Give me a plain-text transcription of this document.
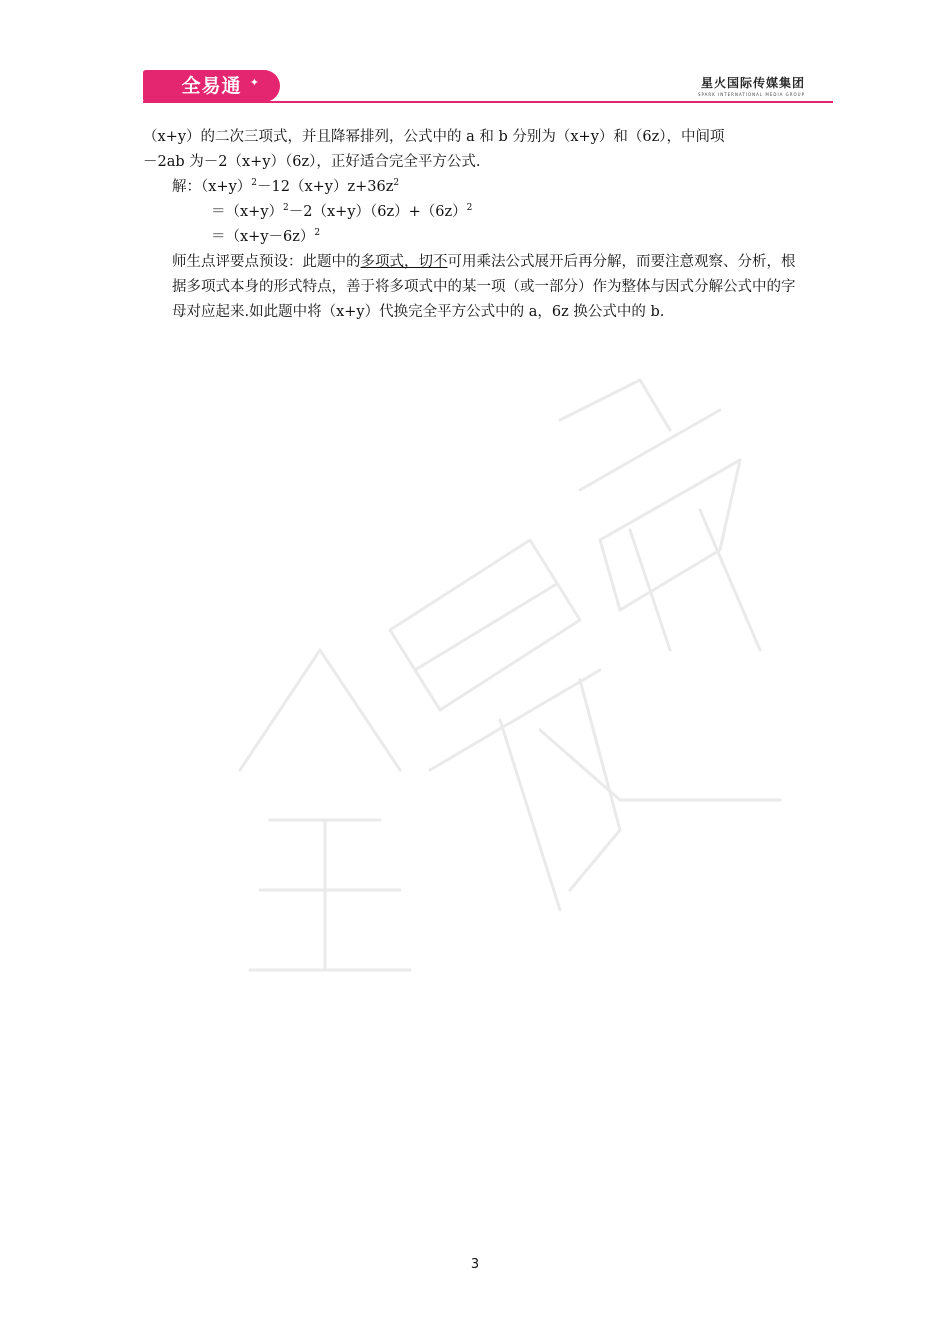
全易通 ✦	星火国际传媒集团
SPARK INTERNATIONAL MEDIA GROUP
全易通

（x+y）的二次三项式，并且降幂排列，公式中的 a 和 b 分别为（x+y）和（6z），中间项

－2ab 为－2（x+y）（6z），正好适合完全平方公式.

解：$(x+y)^2-12(x+y)z+36z^2$

$=(x+y)^2-2(x+y)(6z)+(6z)^2$

$=(x+y-6z)^2$

师生点评要点预设：此题中的多项式，切不可用乘法公式展开后再分解，而要注意观察、分析，根据多项式本身的形式特点，善于将多项式中的某一项（或一部分）作为整体与因式分解公式中的字母对应起来.如此题中将（x+y）代换完全平方公式中的 a，6z 换公式中的 b.

3
